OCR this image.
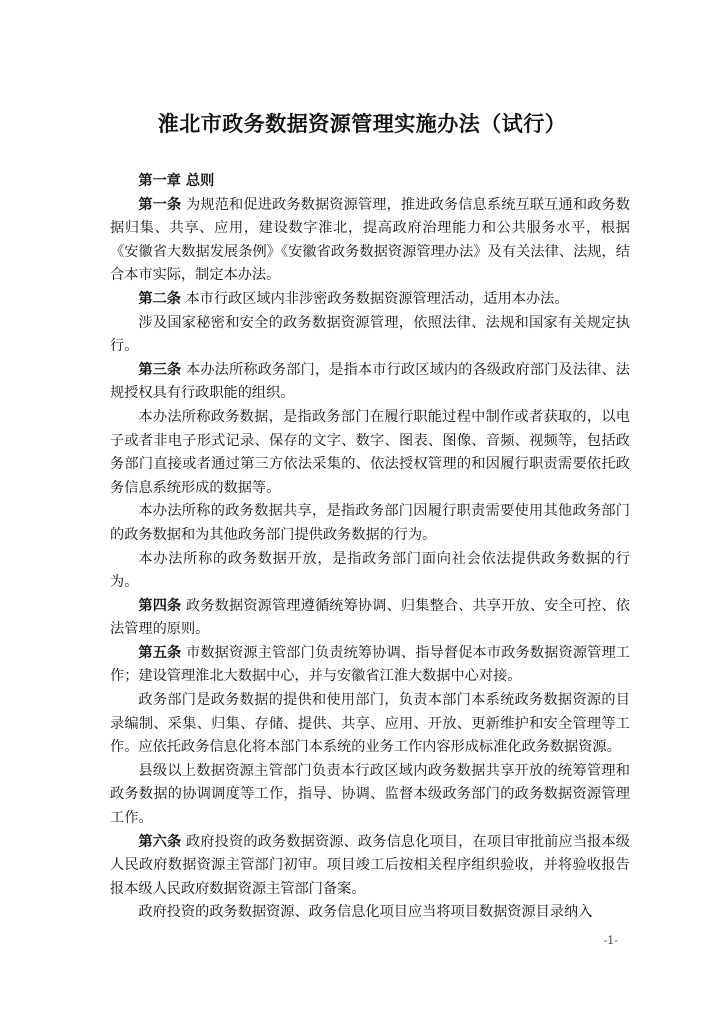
淮北市政务数据资源管理实施办法（试行）

第一章 总则

第一条 为规范和促进政务数据资源管理，推进政务信息系统互联互通和政务数据归集、共享、应用，建设数字淮北，提高政府治理能力和公共服务水平，根据《安徽省大数据发展条例》《安徽省政务数据资源管理办法》及有关法律、法规，结合本市实际，制定本办法。

第二条 本市行政区域内非涉密政务数据资源管理活动，适用本办法。

涉及国家秘密和安全的政务数据资源管理，依照法律、法规和国家有关规定执行。

第三条 本办法所称政务部门，是指本市行政区域内的各级政府部门及法律、法规授权具有行政职能的组织。

本办法所称政务数据，是指政务部门在履行职能过程中制作或者获取的，以电子或者非电子形式记录、保存的文字、数字、图表、图像、音频、视频等，包括政务部门直接或者通过第三方依法采集的、依法授权管理的和因履行职责需要依托政务信息系统形成的数据等。

本办法所称的政务数据共享，是指政务部门因履行职责需要使用其他政务部门的政务数据和为其他政务部门提供政务数据的行为。

本办法所称的政务数据开放，是指政务部门面向社会依法提供政务数据的行为。

第四条 政务数据资源管理遵循统筹协调、归集整合、共享开放、安全可控、依法管理的原则。

第五条 市数据资源主管部门负责统筹协调、指导督促本市政务数据资源管理工作；建设管理淮北大数据中心，并与安徽省江淮大数据中心对接。

政务部门是政务数据的提供和使用部门，负责本部门本系统政务数据资源的目录编制、采集、归集、存储、提供、共享、应用、开放、更新维护和安全管理等工作。应依托政务信息化将本部门本系统的业务工作内容形成标准化政务数据资源。

县级以上数据资源主管部门负责本行政区域内政务数据共享开放的统筹管理和政务数据的协调调度等工作，指导、协调、监督本级政务部门的政务数据资源管理工作。

第六条 政府投资的政务数据资源、政务信息化项目，在项目审批前应当报本级人民政府数据资源主管部门初审。项目竣工后按相关程序组织验收，并将验收报告报本级人民政府数据资源主管部门备案。

政府投资的政务数据资源、政务信息化项目应当将项目数据资源目录纳入

-1-
